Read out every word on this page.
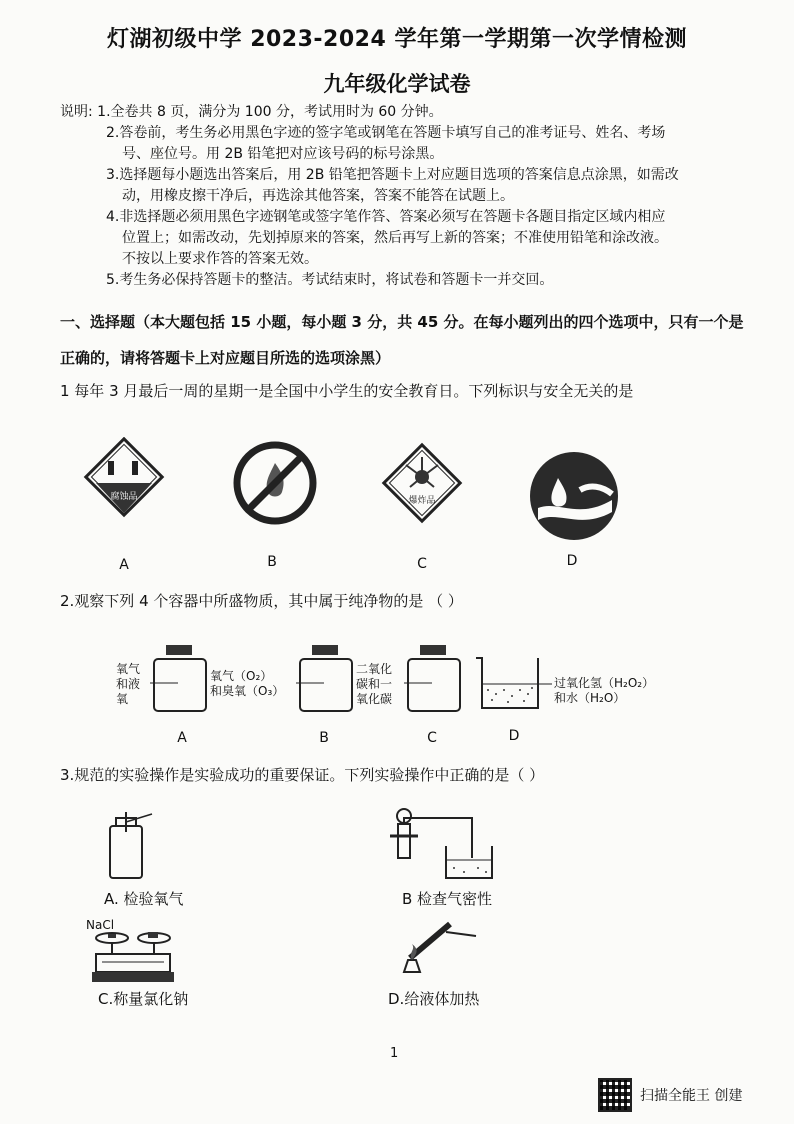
灯湖初级中学 2023-2024 学年第一学期第一次学情检测
九年级化学试卷

说明: 1.全卷共 8 页，满分为 100 分，考试用时为 60 分钟。

2.答卷前，考生务必用黑色字迹的签字笔或钢笔在答题卡填写自己的准考证号、姓名、考场

号、座位号。用 2B 铅笔把对应该号码的标号涂黑。

3.选择题每小题选出答案后，用 2B 铅笔把答题卡上对应题目选项的答案信息点涂黑，如需改

动，用橡皮擦干净后，再选涂其他答案，答案不能答在试题上。

4.非选择题必须用黑色字迹钢笔或签字笔作答、答案必须写在答题卡各题目指定区域内相应

位置上；如需改动，先划掉原来的答案，然后再写上新的答案；不准使用铅笔和涂改液。

不按以上要求作答的答案无效。

5.考生务必保持答题卡的整洁。考试结束时，将试卷和答题卡一并交回。

一、选择题（本大题包括 15 小题，每小题 3 分，共 45 分。在每小题列出的四个选项中，只有一个是
正确的，请将答题卡上对应题目所选的选项涂黑）
1 每年 3 月最后一周的星期一是全国中小学生的安全教育日。下列标识与安全无关的是
腐蚀品	爆炸品
A	B	C	D
2.观察下列 4 个容器中所盛物质，其中属于纯净物的是 （ ）
氧气
和液
氧
氧气（O₂）
和臭氧（O₃）
二氧化
碳和一
氧化碳
过氧化氢（H₂O₂）
和水（H₂O）
A	B	C	D
3.规范的实验操作是实验成功的重要保证。下列实验操作中正确的是（ ）
A. 检验氧气	B 检查气密性
NaCl
C.称量氯化钠	D.给液体加热
1
扫描全能王 创建
